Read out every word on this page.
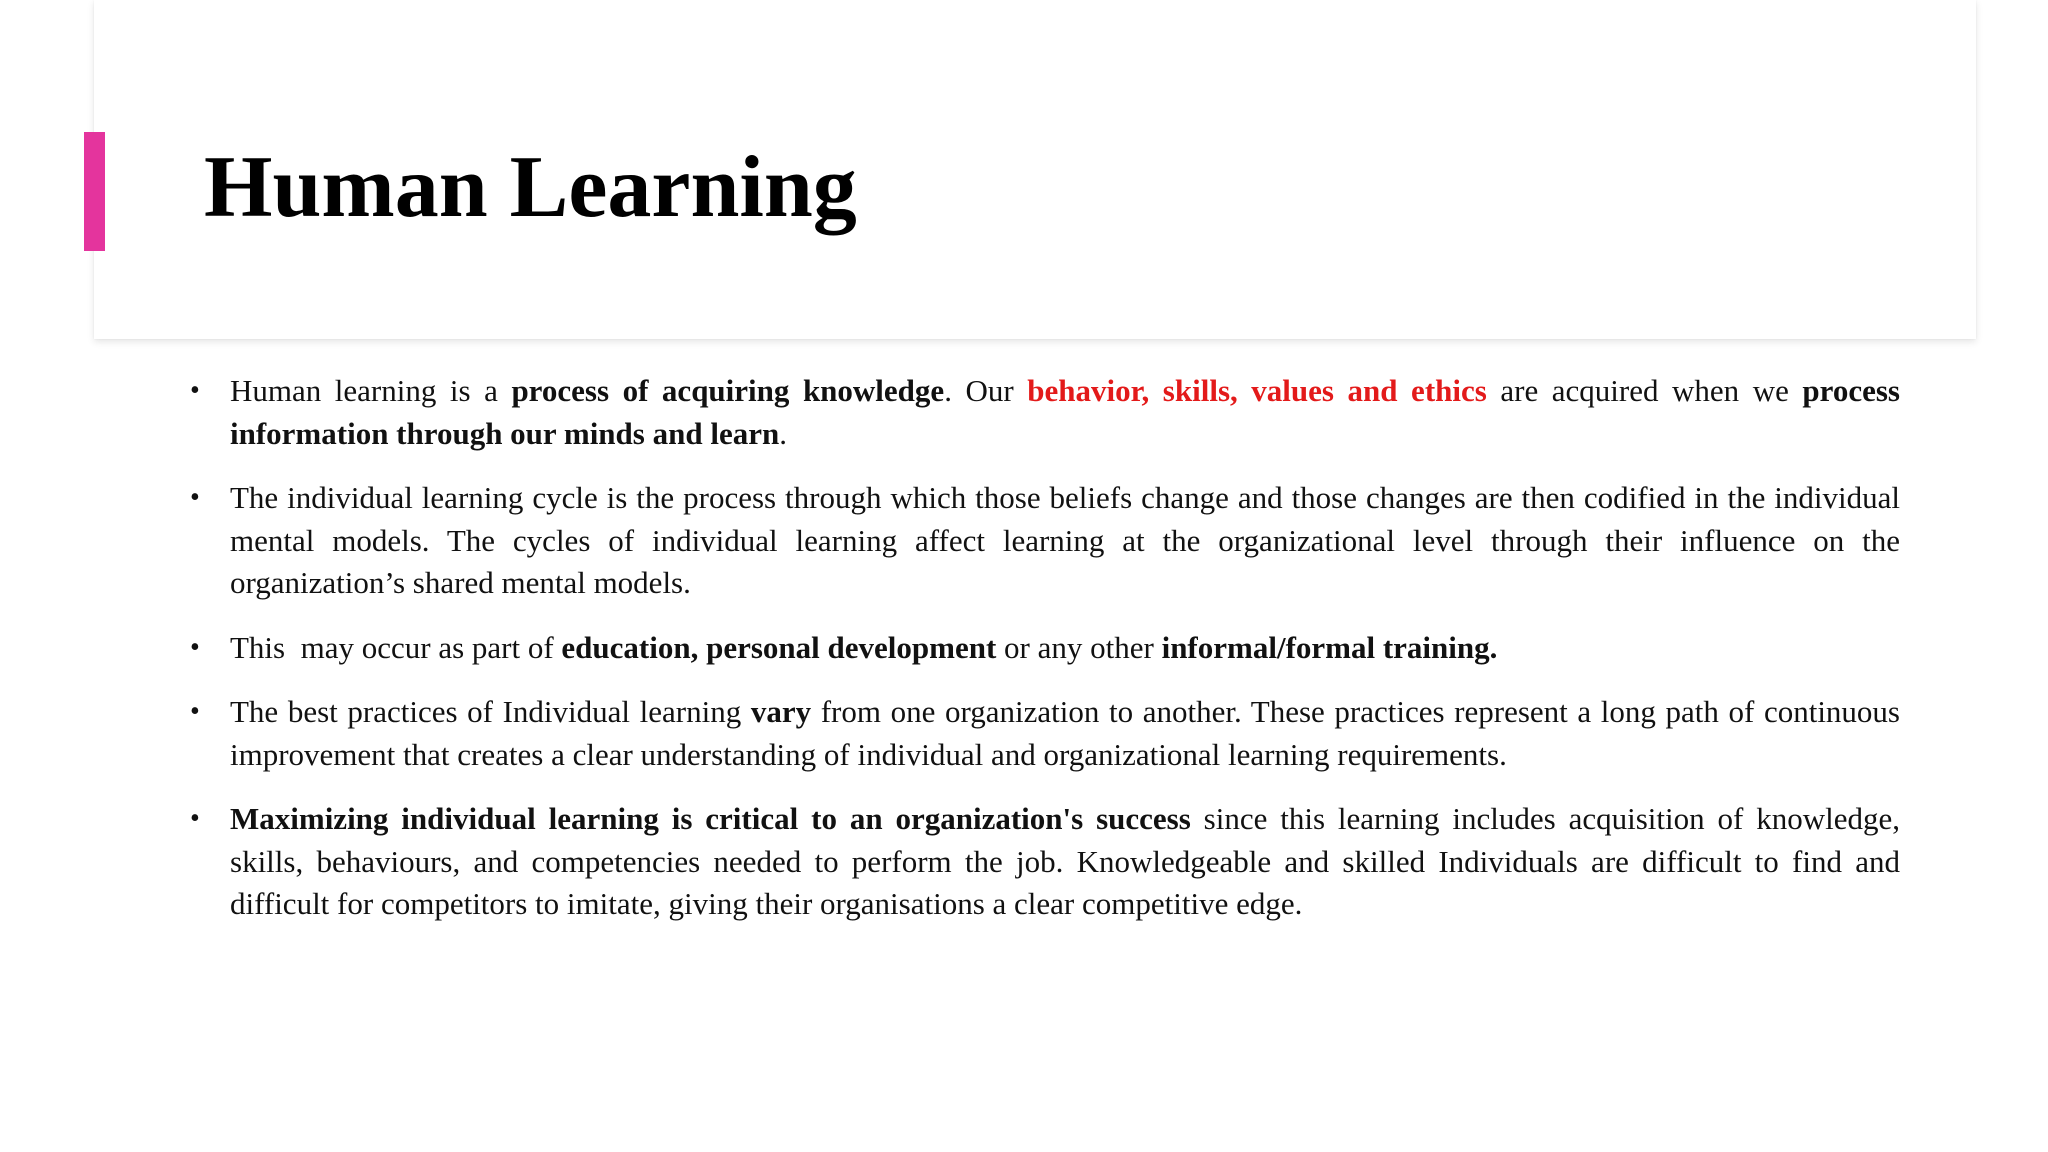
Human Learning
• Human learning is a process of acquiring knowledge. Our behavior, skills, values and ethics are acquired when we process information through our minds and learn.
• The individual learning cycle is the process through which those beliefs change and those changes are then codified in the individual mental models. The cycles of individual learning affect learning at the organizational level through their influence on the organization’s shared mental models.
• This  may occur as part of education, personal development or any other informal/formal training.
• The best practices of Individual learning vary from one organization to another. These practices represent a long path of continuous improvement that creates a clear understanding of individual and organizational learning requirements.
• Maximizing individual learning is critical to an organization's success since this learning includes acquisition of knowledge, skills, behaviours, and competencies needed to perform the job. Knowledgeable and skilled Individuals are difficult to find and difficult for competitors to imitate, giving their organisations a clear competitive edge.
